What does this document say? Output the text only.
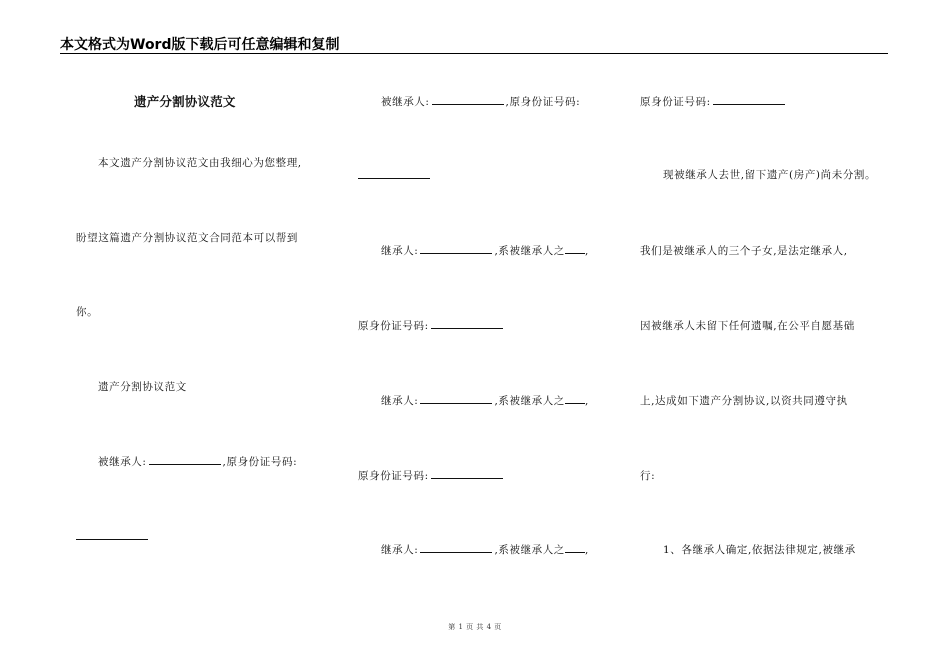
本文格式为Word版下载后可任意编辑和复制
遗产分割协议范文
本文遗产分割协议范文由我细心为您整理,
盼望这篇遗产分割协议范文合同范本可以帮到
你。
遗产分割协议范文
被继承人:	,原身份证号码:
被继承人:	,原身份证号码:
继承人:	,系被继承人之 ,
原身份证号码:
继承人:	,系被继承人之 ,
原身份证号码:
继承人:	,系被继承人之 ,
原身份证号码:
现被继承人去世,留下遗产(房产)尚未分割。
我们是被继承人的三个子女,是法定继承人,
因被继承人未留下任何遗嘱,在公平自愿基础
上,达成如下遗产分割协议,以资共同遵守执
行:
1、各继承人确定,依据法律规定,被继承
第 1 页 共 4 页
